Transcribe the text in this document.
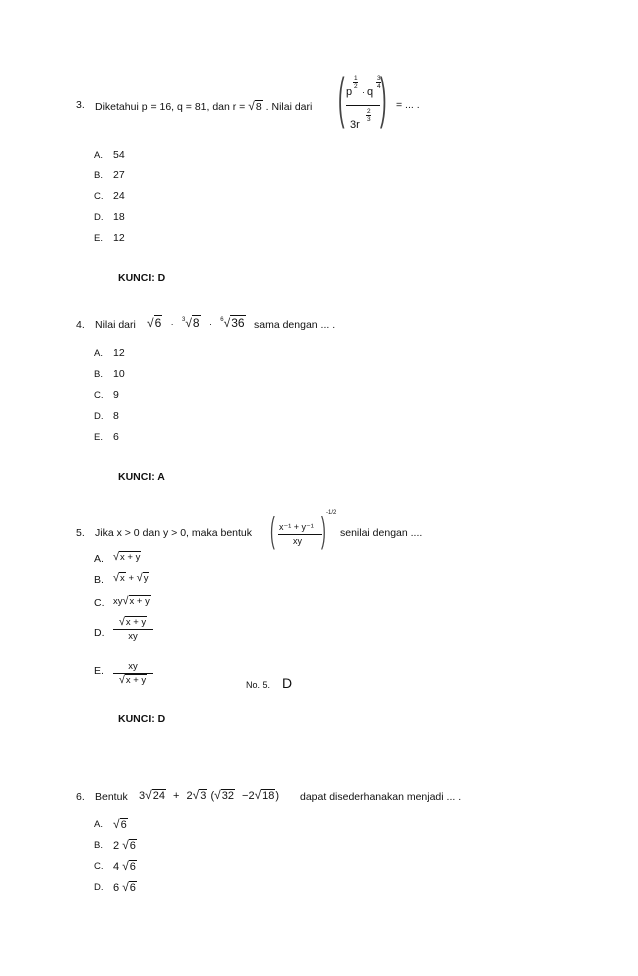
3. Diketahui p = 16, q = 81, dan r = √8 . Nilai dari ( )
1
2
p · q
3
4
2
3
3r
= ... .
A. 54
B. 27
C. 24
D. 18
E. 12
KUNCI: D
4. Nilai dari √6 · $^3$√8 · $^6$√36 sama dengan ... .
A. 12
B. 10
C. 9
D. 8
E. 6
KUNCI: A
5. Jika x > 0 dan y > 0, maka bentuk ( )
x⁻¹ + y⁻¹
xy
-1/2
senilai dengan ....
A. √x + y
B. √x + √y
C. xy√x + y
D.
√x + y
xy
E.	xy
√x + y	No. 5. D
KUNCI: D
6. Bentuk 3√24 + 2√3 (√32 −2√18) dapat disederhanakan menjadi ... .
A. √6
B. 2 √6
C. 4 √6
D. 6 √6
